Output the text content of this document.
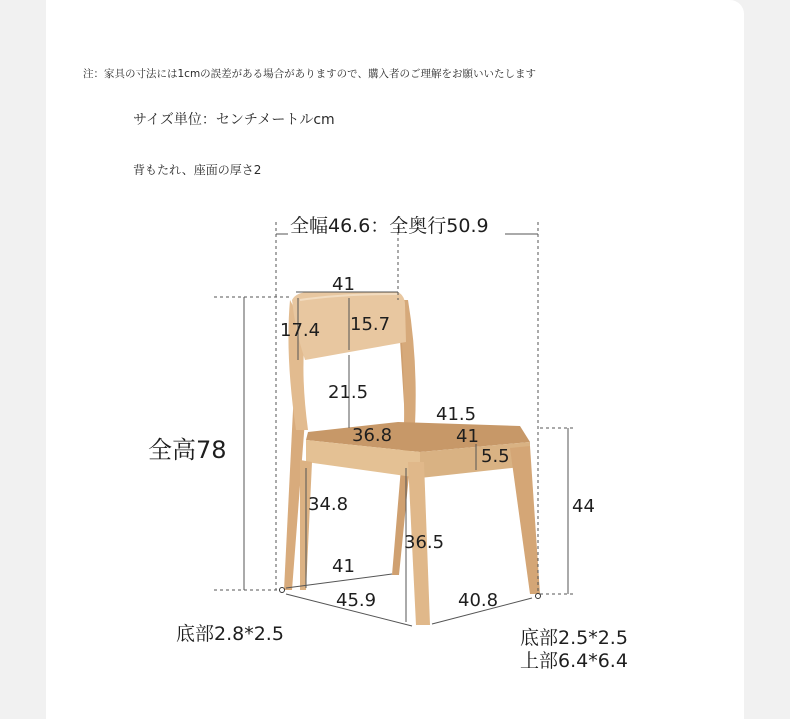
注：家具の寸法には1cmの誤差がある場合がありますので、購入者のご理解をお願いいたします
サイズ単位：センチメートルcm
背もたれ、座面の厚さ2
全幅46.6：全奥行50.9
41
17.4 15.7
21.5
全高78
41.5
36.8	41
5.5
34.8
36.5
44
41
45.9	40.8
底部2.8*2.5	底部2.5*2.5
上部6.4*6.4
